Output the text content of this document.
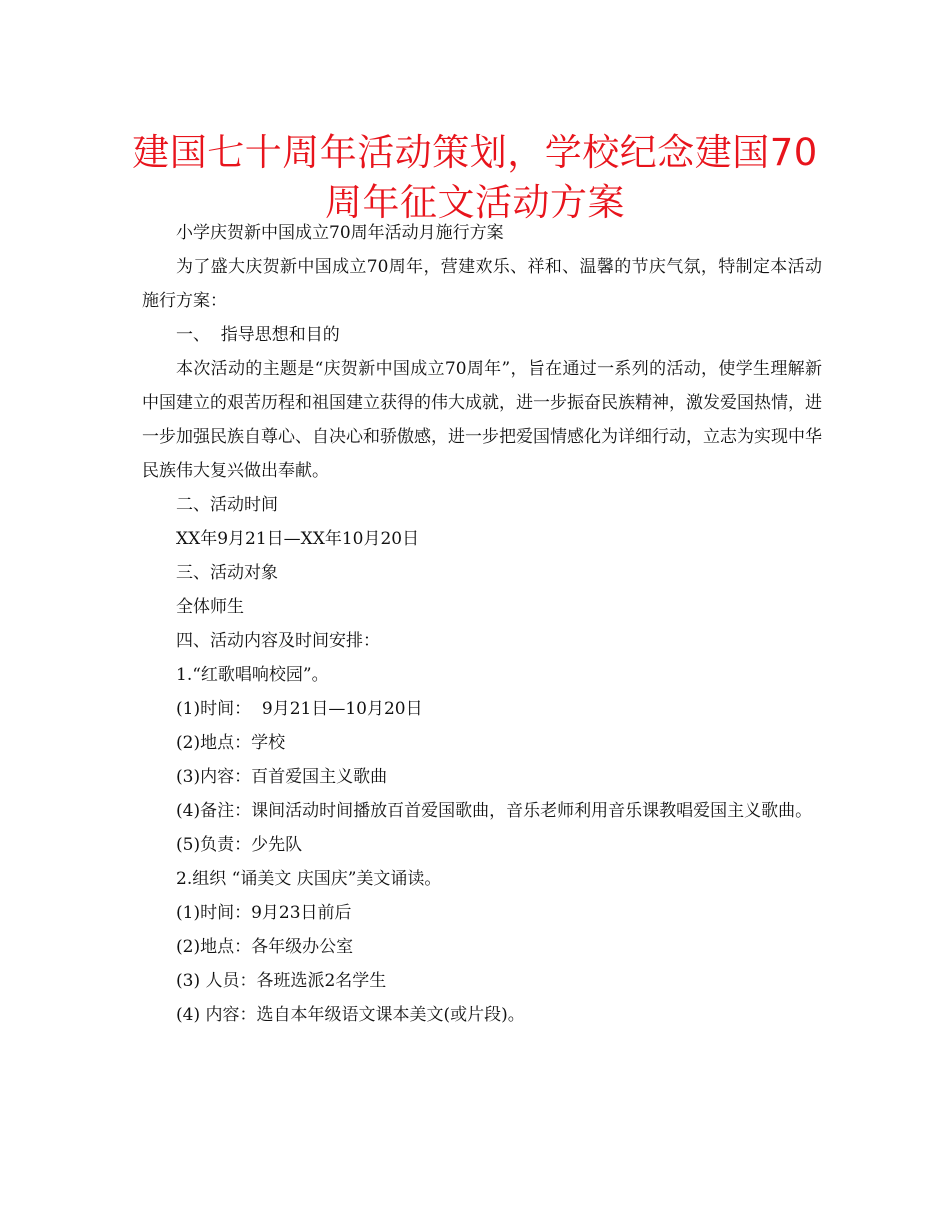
建国七十周年活动策划，学校纪念建国70
周年征文活动方案

小学庆贺新中国成立70周年活动月施行方案

为了盛大庆贺新中国成立70周年，营建欢乐、祥和、温馨的节庆气氛，特制定本活动施行方案：

一、  指导思想和目的

本次活动的主题是“庆贺新中国成立70周年”，旨在通过一系列的活动，使学生理解新中国建立的艰苦历程和祖国建立获得的伟大成就，进一步振奋民族精神，激发爱国热情，进一步加强民族自尊心、自决心和骄傲感，进一步把爱国情感化为详细行动，立志为实现中华民族伟大复兴做出奉献。

二、活动时间

XX年9月21日—XX年10月20日

三、活动对象

全体师生

四、活动内容及时间安排：

1.“红歌唱响校园”。

(1)时间：  9月21日—10月20日

(2)地点：学校

(3)内容：百首爱国主义歌曲

(4)备注：课间活动时间播放百首爱国歌曲，音乐老师利用音乐课教唱爱国主义歌曲。

(5)负责：少先队

2.组织 “诵美文 庆国庆”美文诵读。

(1)时间：9月23日前后

(2)地点：各年级办公室

(3) 人员：各班选派2名学生

(4) 内容：选自本年级语文课本美文(或片段)。
